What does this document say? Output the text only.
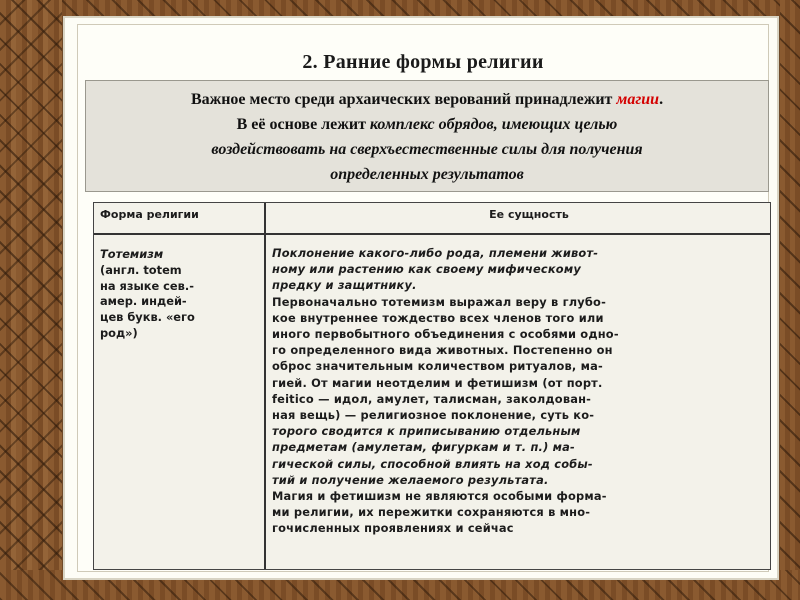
2. Ранние формы религии
Важное место среди архаических верований принадлежит магии.
В её основе лежит комплекс обрядов, имеющих целью
воздействовать на сверхъестественные силы для получения
определенных результатов
Форма религии	Ее сущность
Тотемизм
(англ. totem
на языке сев.-
амер. индей-
цев букв. «его
род»)
Поклонение какого-либо рода, племени живот-
ному или растению как своему мифическому
предку и защитнику.
Первоначально тотемизм выражал веру в глубо-
кое внутреннее тождество всех членов того или
иного первобытного объединения с особями одно-
го определенного вида животных. Постепенно он
оброс значительным количеством ритуалов, ма-
гией. От магии неотделим и фетишизм (от порт.
feitico — идол, амулет, талисман, заколдован-
ная вещь) — религиозное поклонение, суть ко-
торого сводится к приписыванию отдельным
предметам (амулетам, фигуркам и т. п.) ма-
гической силы, способной влиять на ход собы-
тий и получение желаемого результата.
Магия и фетишизм не являются особыми форма-
ми религии, их пережитки сохраняются в мно-
гочисленных проявлениях и сейчас
